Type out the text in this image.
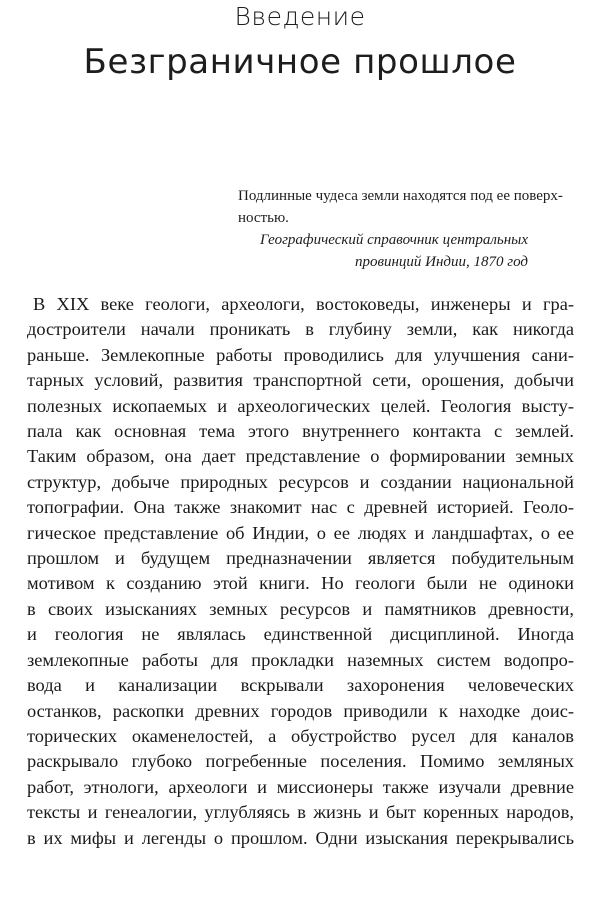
Введение
Безграничное прошлое
Подлинные чудеса земли находятся под ее поверх-
ностью.

Географический справочник центральных
провинций Индии, 1870 год

В XIX веке геологи, археологи, востоковеды, инженеры и гра-
достроители начали проникать в глубину земли, как никогда
раньше. Землекопные работы проводились для улучшения сани-
тарных условий, развития транспортной сети, орошения, добычи
полезных ископаемых и археологических целей. Геология высту-
пала как основная тема этого внутреннего контакта с землей.
Таким образом, она дает представление о формировании земных
структур, добыче природных ресурсов и создании национальной
топографии. Она также знакомит нас с древней историей. Геоло-
гическое представление об Индии, о ее людях и ландшафтах, о ее
прошлом и будущем предназначении является побудительным
мотивом к созданию этой книги. Но геологи были не одиноки
в своих изысканиях земных ресурсов и памятников древности,
и геология не являлась единственной дисциплиной. Иногда
землекопные работы для прокладки наземных систем водопро-
вода и канализации вскрывали захоронения человеческих
останков, раскопки древних городов приводили к находке доис-
торических окаменелостей, а обустройство русел для каналов
раскрывало глубоко погребенные поселения. Помимо земляных
работ, этнологи, археологи и миссионеры также изучали древние
тексты и генеалогии, углубляясь в жизнь и быт коренных народов,
в их мифы и легенды о прошлом. Одни изыскания перекрывались
